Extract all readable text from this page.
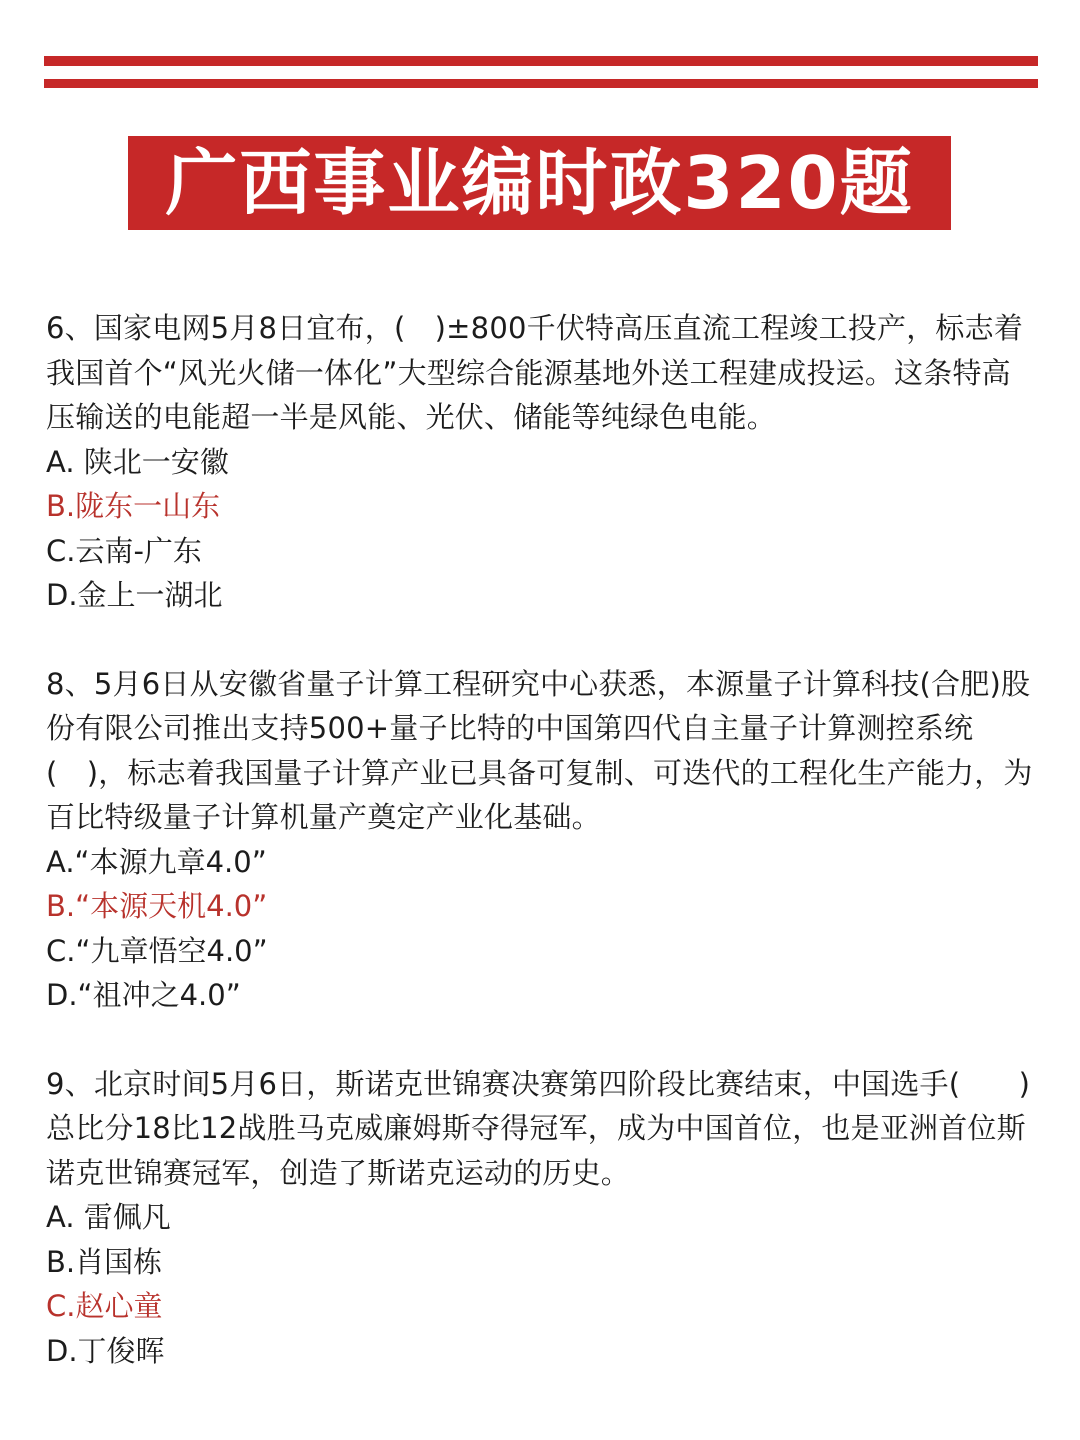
广西事业编时政320题

6、国家电网5月8日宜布，(　)±800千伏特高压直流工程竣工投产，标志着我国首个“风光火储一体化”大型综合能源基地外送工程建成投运。这条特高压输送的电能超一半是风能、光伏、储能等纯绿色电能。

A. 陕北一安徽

B.陇东一山东

C.云南-广东

D.金上一湖北

8、5月6日从安徽省量子计算工程研究中心获悉，本源量子计算科技(合肥)股份有限公司推出支持500+量子比特的中国第四代自主量子计算测控系统(　)，标志着我国量子计算产业已具备可复制、可迭代的工程化生产能力，为百比特级量子计算机量产奠定产业化基础。

A.“本源九章4.0”

B.“本源天机4.0”

C.“九章悟空4.0”

D.“祖冲之4.0”

9、北京时间5月6日，斯诺克世锦赛决赛第四阶段比赛结束，中国选手(　　)总比分18比12战胜马克威廉姆斯夺得冠军，成为中国首位，也是亚洲首位斯诺克世锦赛冠军，创造了斯诺克运动的历史。

A. 雷佩凡

B.肖国栋

C.赵心童

D.丁俊晖
